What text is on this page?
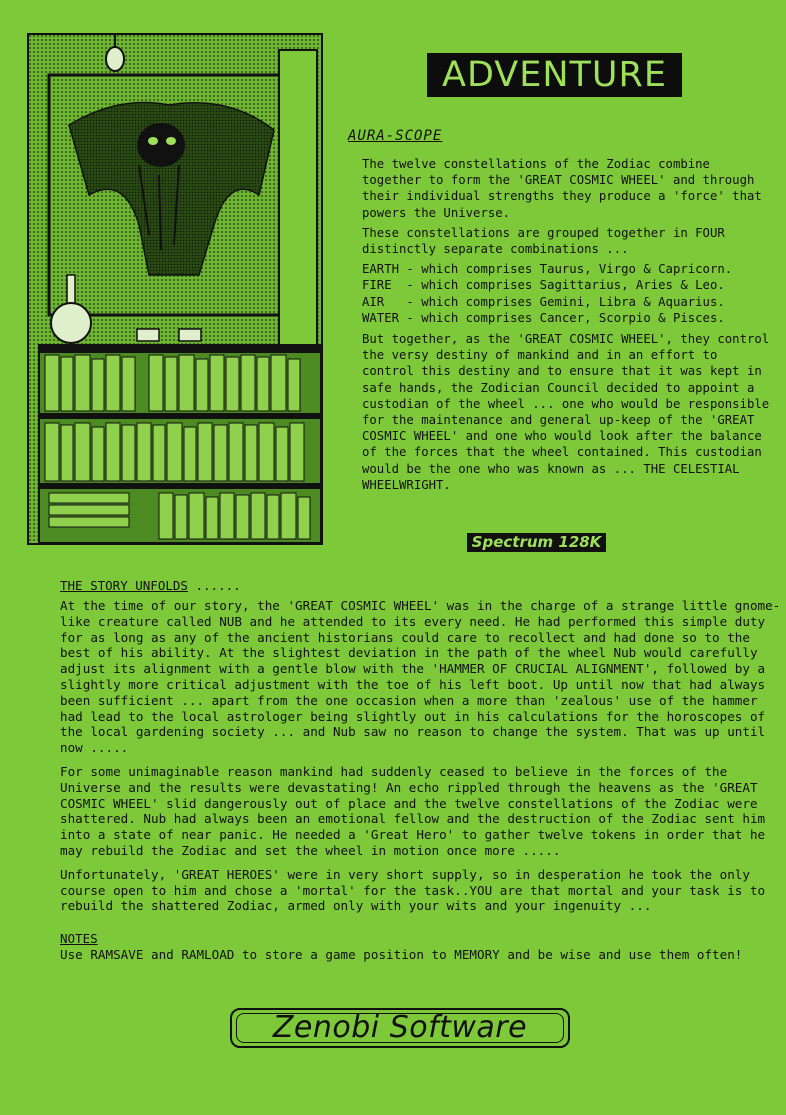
ADVENTURE
AURA-SCOPE

The twelve constellations of the Zodiac combine together to form the 'GREAT COSMIC WHEEL' and through their individual strengths they produce a 'force' that powers the Universe.

These constellations are grouped together in FOUR distinctly separate combinations ...

EARTH - which comprises Taurus, Virgo & Capricorn.
FIRE  - which comprises Sagittarius, Aries & Leo.
AIR   - which comprises Gemini, Libra & Aquarius.
WATER - which comprises Cancer, Scorpio & Pisces.

But together, as the 'GREAT COSMIC WHEEL', they control the versy destiny of mankind and in an effort to control this destiny and to ensure that it was kept in safe hands, the Zodician Council decided to appoint a custodian of the wheel ... one who would be responsible for the maintenance and general up-keep of the 'GREAT COSMIC WHEEL' and one who would look after the balance of the forces that the wheel contained. This custodian would be the one who was known as ... THE CELESTIAL WHEELWRIGHT.

Spectrum 128K
THE STORY UNFOLDS ......

At the time of our story, the 'GREAT COSMIC WHEEL' was in the charge of a strange little gnome-like creature called NUB and he attended to its every need. He had performed this simple duty for as long as any of the ancient historians could care to recollect and had done so to the best of his ability. At the slightest deviation in the path of the wheel Nub would carefully adjust its alignment with a gentle blow with the 'HAMMER OF CRUCIAL ALIGNMENT', followed by a slightly more critical adjustment with the toe of his left boot. Up until now that had always been sufficient ... apart from the one occasion when a more than 'zealous' use of the hammer had lead to the local astrologer being slightly out in his calculations for the horoscopes of the local gardening society ... and Nub saw no reason to change the system. That was up until now .....

For some unimaginable reason mankind had suddenly ceased to believe in the forces of the Universe and the results were devastating! An echo rippled through the heavens as the 'GREAT COSMIC WHEEL' slid dangerously out of place and the twelve constellations of the Zodiac were shattered. Nub had always been an emotional fellow and the destruction of the Zodiac sent him into a state of near panic. He needed a 'Great Hero' to gather twelve tokens in order that he may rebuild the Zodiac and set the wheel in motion once more .....

Unfortunately, 'GREAT HEROES' were in very short supply, so in desperation he took the only course open to him and chose a 'mortal' for the task..YOU are that mortal and your task is to rebuild the shattered Zodiac, armed only with your wits and your ingenuity ...

NOTES
Use RAMSAVE and RAMLOAD to store a game position to MEMORY and be wise and use them often!
Zenobi Software
